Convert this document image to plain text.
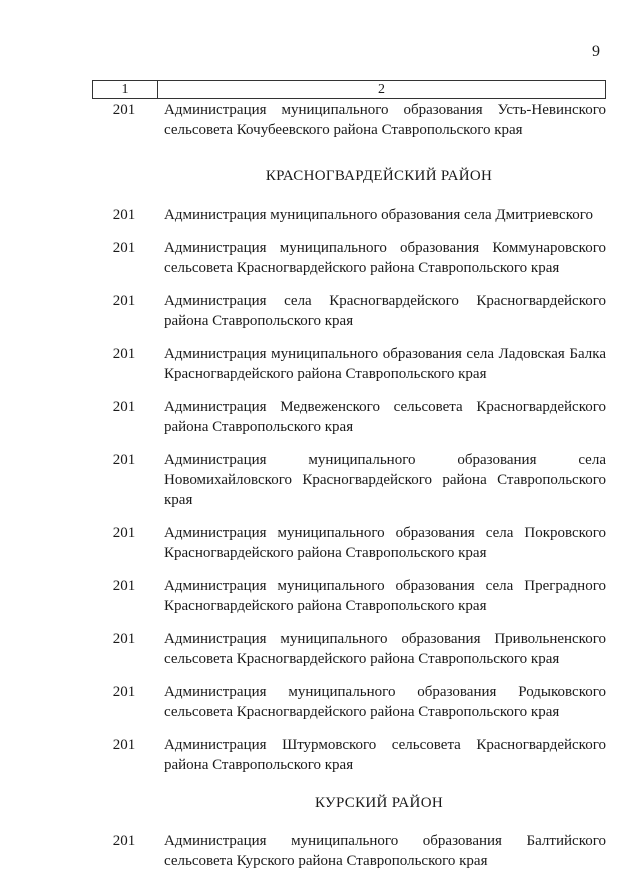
9
1	2
201	Администрация муниципального образования Усть-Невинского сельсовета Кочубеевского района Ставропольского края
КРАСНОГВАРДЕЙСКИЙ РАЙОН
201	Администрация муниципального образования села Дмитриевского
201	Администрация муниципального образования Коммунаровского сельсовета Красногвардейского района Ставропольского края
201	Администрация села Красногвардейского Красногвардейского района Ставропольского края
201	Администрация муниципального образования села Ладовская Балка Красногвардейского района Ставропольского края
201	Администрация Медвеженского сельсовета Красногвардейского района Ставропольского края
201	Администрация муниципального образования села Новомихайловского Красногвардейского района Ставропольского края
201	Администрация муниципального образования села Покровского Красногвардейского района Ставропольского края
201	Администрация муниципального образования села Преградного Красногвардейского района Ставропольского края
201	Администрация муниципального образования Привольненского сельсовета Красногвардейского района Ставропольского края
201	Администрация муниципального образования Родыковского сельсовета Красногвардейского района Ставропольского края
201	Администрация Штурмовского сельсовета Красногвардейского района Ставропольского края
КУРСКИЙ РАЙОН
201	Администрация муниципального образования Балтийского сельсовета Курского района Ставропольского края
